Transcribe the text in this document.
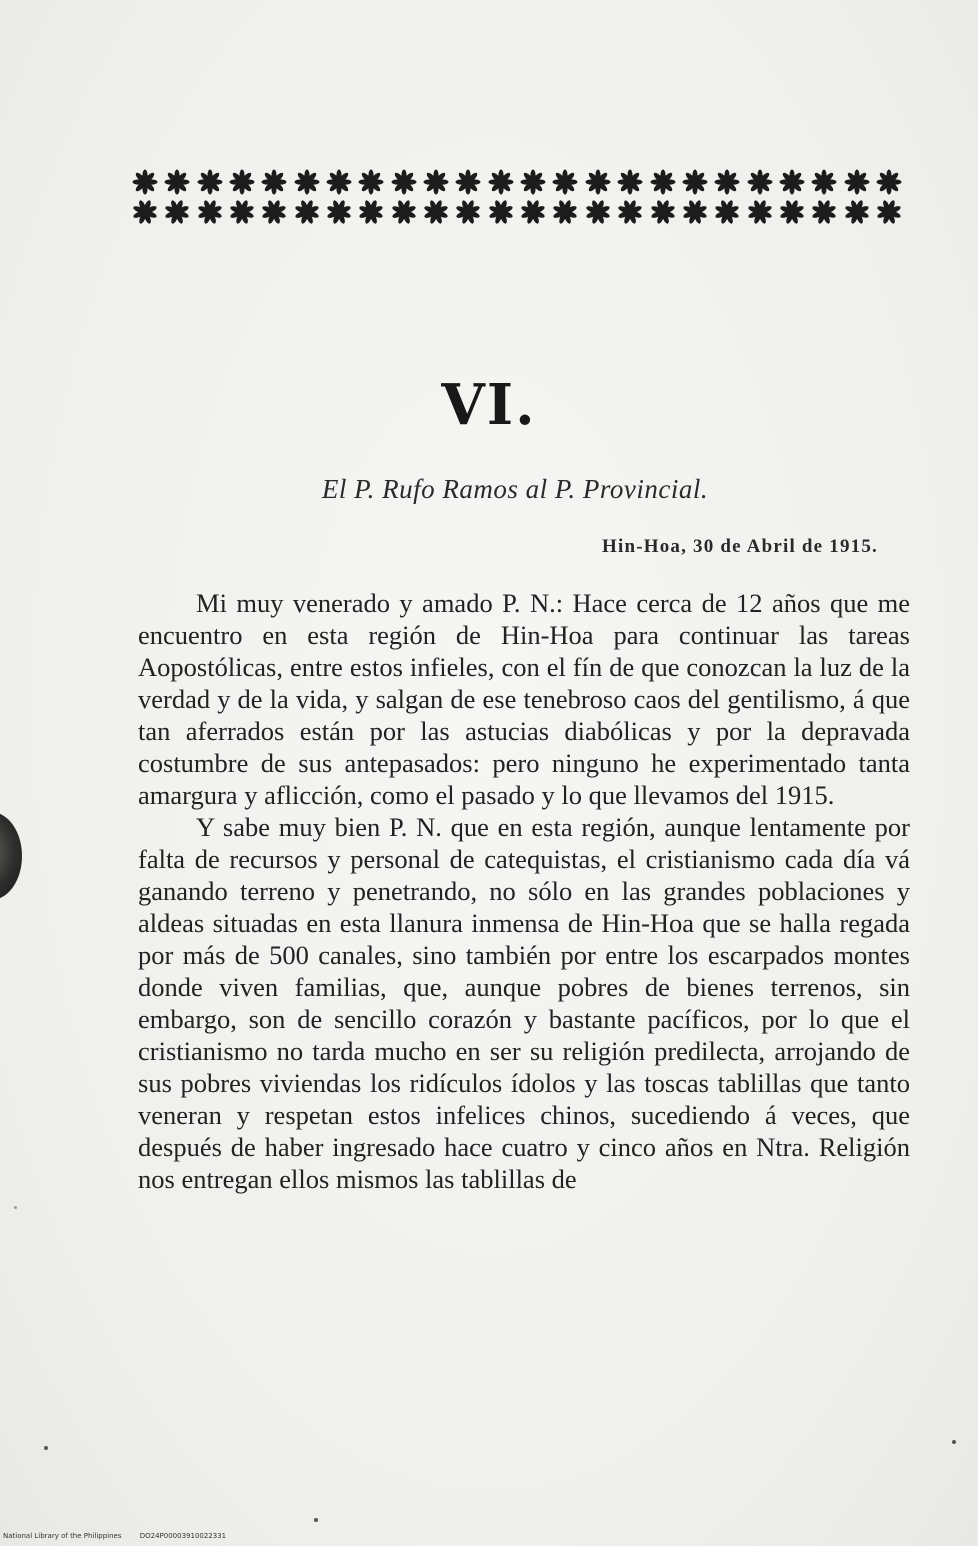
VI.
El P. Rufo Ramos al P. Provincial.
Hin-Hoa, 30 de Abril de 1915.

Mi muy venerado y amado P. N.: Hace cerca de 12 años que me encuentro en esta región de Hin-Hoa para continuar las tareas Aopostólicas, entre estos infieles, con el fín de que conozcan la luz de la verdad y de la vida, y salgan de ese tenebroso caos del gentilismo, á que tan aferrados están por las astucias diabólicas y por la depravada costumbre de sus antepasados: pero ninguno he experimentado tanta amargura y aflicción, como el pasado y lo que llevamos del 1915.

Y sabe muy bien P. N. que en esta región, aunque lentamente por falta de recursos y personal de catequistas, el cristianismo cada día vá ganando terreno y penetrando, no sólo en las grandes poblaciones y aldeas situadas en esta llanura inmensa de Hin-Hoa que se halla regada por más de 500 canales, sino también por entre los escarpados montes donde viven familias, que, aunque pobres de bienes terrenos, sin embargo, son de sencillo corazón y bastante pacíficos, por lo que el cristianismo no tarda mucho en ser su religión predilecta, arrojando de sus pobres viviendas los ridículos ídolos y las toscas tablillas que tanto veneran y respetan estos infelices chinos, sucediendo á veces, que después de haber ingresado hace cuatro y cinco años en Ntra. Religión nos entregan ellos mismos las tablillas de

National Library of the Philippines	DO24P00003910022331
